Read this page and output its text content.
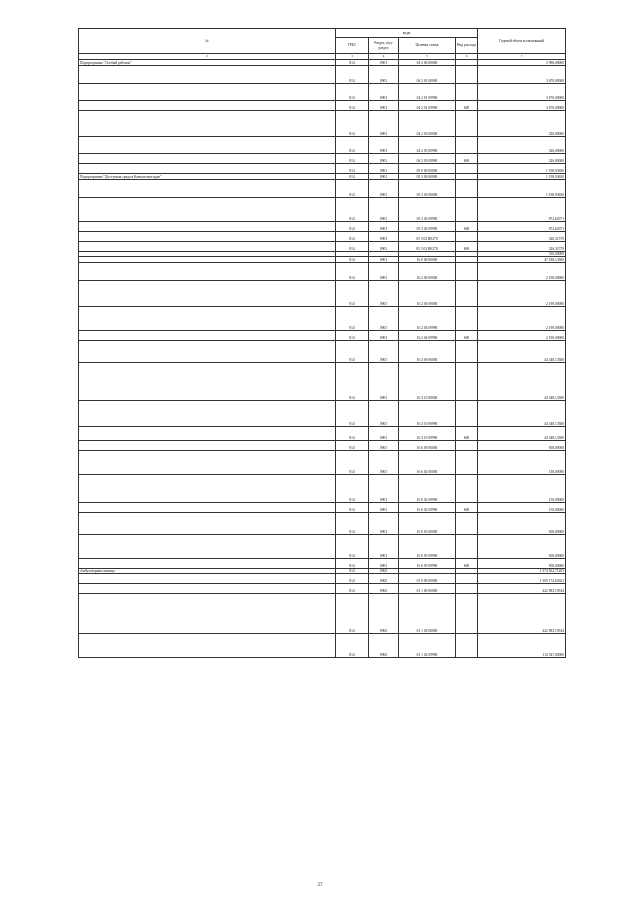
№	коды				Годовой объем ассигнований
	ГРБС	Раздел, под- раздел	Целевая статья	Вид расхода	
2	3	4	5	6	7
Подпрограмма "Особый ребенок"	814	0901	04 2 00 00000		3 996,00000
	814	0901	04 2 01 00000		3 670,00000
	814	0901	04 2 01 09990		3 670,00000
	814	0901	04 2 01 09990	600	3 670,00000
	814	0901	04 2 03 00000		326,00000
	814	0901	04 2 03 09990		326,00000
	814	0901	04 2 03 09990	600	326,00000
	814	0901	05 0 00 00000		1 198,93650
Подпрограмма "Доступная среда в Камчатском крае"	814	0901	05 3 00 00000		1 198,93650
	814	0901	05 3 02 00000		1 198,93650
	814	0901	05 3 02 09990		872,62071
	814	0901	05 3 02 09990	600	872,62071
	814	0901	05 3 02 R0270		326,31579
	814	0901	05 3 02 R0270	600	326,31579
					310,00000
	814	0901	16 0 00 00000		47 188,13500
	814	0901	16 2 00 00000		2 190,00000
	814	0901	16 2 04 00000		2 190,00000
	814	0901	16 2 04 09990		2 190,00000
	814	0901	16 2 04 09990	600	2 190,00000
	814	0901	16 3 00 00000		44 348,13500
	814	0901	16 3 10 00000		44 348,13500
	814	0901	16 3 10 09990		44 348,13500
	814	0901	16 3 10 09990	600	44 348,13500
	814	0901	16 6 00 00000		650,00000
	814	0901	16 6 02 00000		150,00000
	814	0901	16 6 02 09990		150,00000
	814	0901	16 6 02 09990	600	150,00000
	814	0901	16 6 05 00000		500,00000
	814	0901	16 6 05 09990		500,00000
	814	0901	16 6 05 09990	600	500,00000
Амбулаторная помощь	814	0902			1 374 562,71203
	814	0902	01 0 00 00000		1 305 174,63021
	814	0902	01 1 00 00000		422 983,19334
	814	0902	01 1 02 00000		422 983,19334
	814	0902	01 1 02 09990		114 547,00000
27
